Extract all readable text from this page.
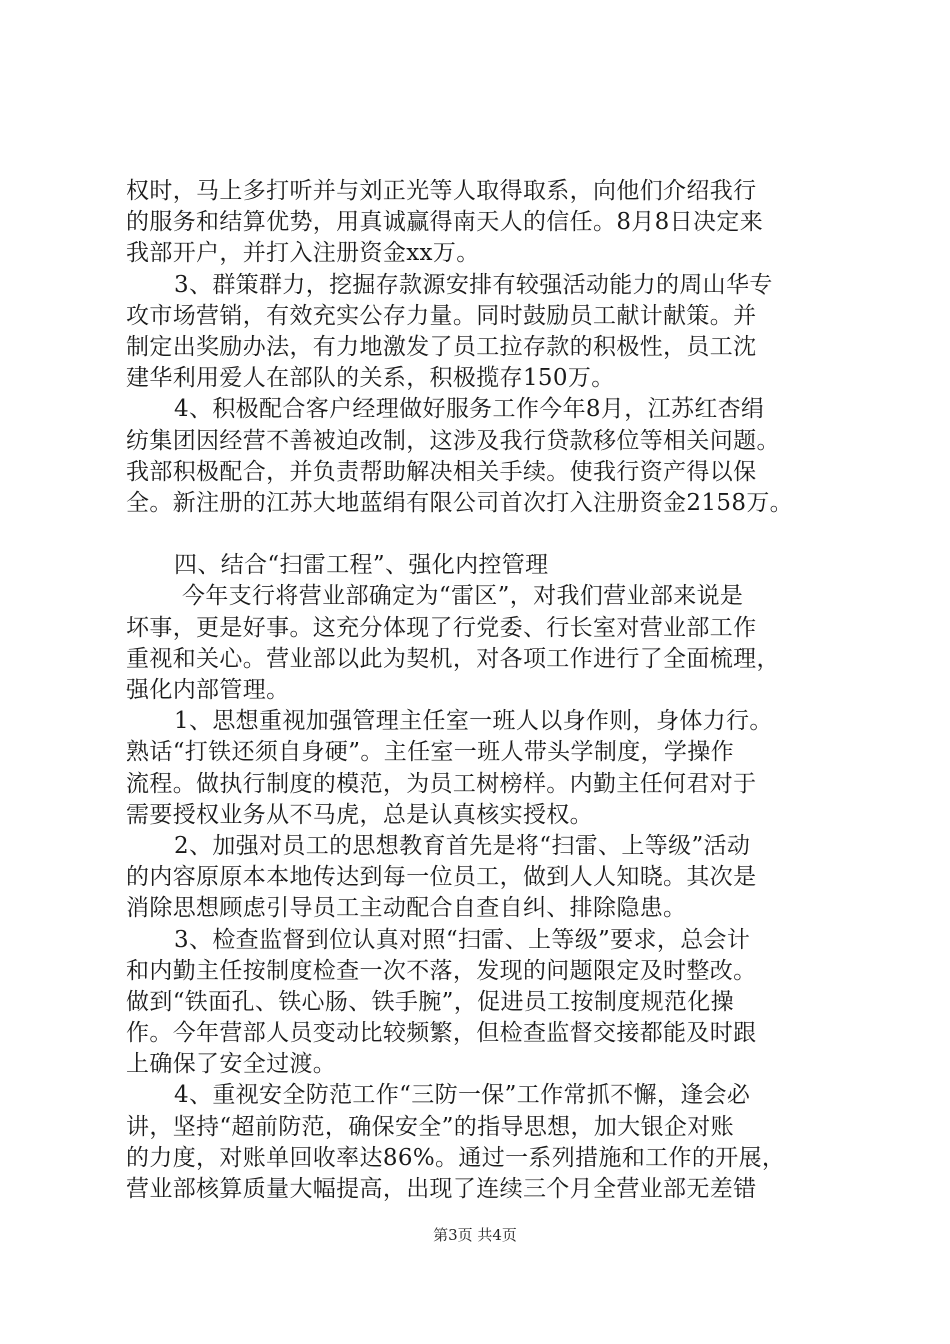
权时，马上多打听并与刘正光等人取得取系，向他们介绍我行
的服务和结算优势，用真诚赢得南天人的信任。8月8日决定来
我部开户，并打入注册资金xx万。
3、群策群力，挖掘存款源安排有较强活动能力的周山华专
攻市场营销，有效充实公存力量。同时鼓励员工献计献策。并
制定出奖励办法，有力地激发了员工拉存款的积极性，员工沈
建华利用爱人在部队的关系，积极揽存150万。
4、积极配合客户经理做好服务工作今年8月，江苏红杏绢
纺集团因经营不善被迫改制，这涉及我行贷款移位等相关问题。
我部积极配合，并负责帮助解决相关手续。使我行资产得以保
全。新注册的江苏大地蓝绢有限公司首次打入注册资金2158万。
四、结合“扫雷工程”、强化内控管理
今年支行将营业部确定为“雷区”，对我们营业部来说是
坏事，更是好事。这充分体现了行党委、行长室对营业部工作
重视和关心。营业部以此为契机，对各项工作进行了全面梳理，
强化内部管理。
1、思想重视加强管理主任室一班人以身作则，身体力行。
熟话“打铁还须自身硬”。主任室一班人带头学制度，学操作
流程。做执行制度的模范，为员工树榜样。内勤主任何君对于
需要授权业务从不马虎，总是认真核实授权。
2、加强对员工的思想教育首先是将“扫雷、上等级”活动
的内容原原本本地传达到每一位员工，做到人人知晓。其次是
消除思想顾虑引导员工主动配合自查自纠、排除隐患。
3、检查监督到位认真对照“扫雷、上等级”要求，总会计
和内勤主任按制度检查一次不落，发现的问题限定及时整改。
做到“铁面孔、铁心肠、铁手腕”，促进员工按制度规范化操
作。今年营部人员变动比较频繁，但检查监督交接都能及时跟
上确保了安全过渡。
4、重视安全防范工作“三防一保”工作常抓不懈，逢会必
讲，坚持“超前防范，确保安全”的指导思想，加大银企对账
的力度，对账单回收率达86%。通过一系列措施和工作的开展，
营业部核算质量大幅提高，出现了连续三个月全营业部无差错
第3页 共4页
